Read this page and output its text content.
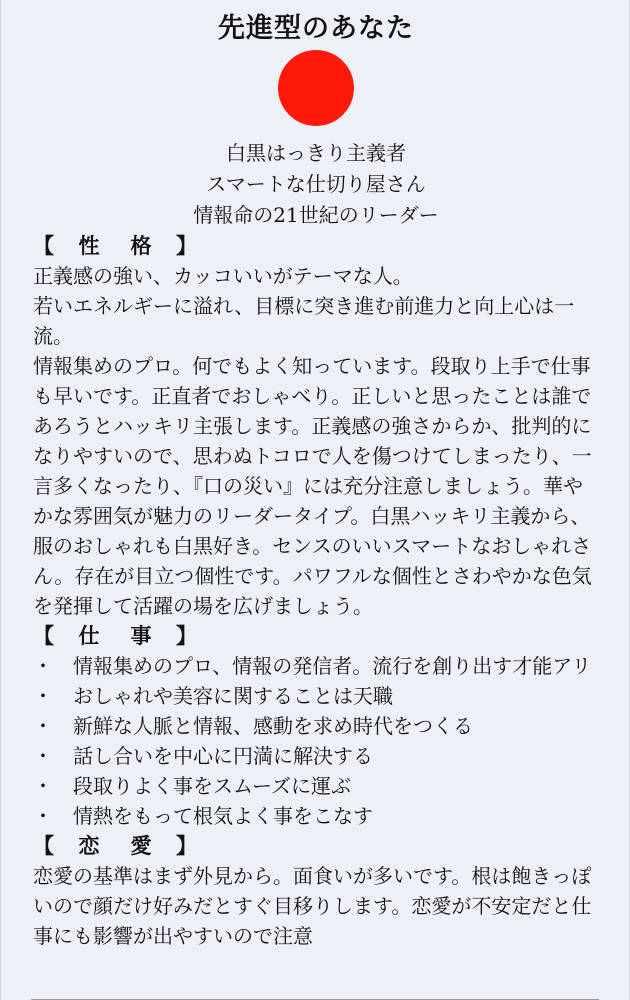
先進型のあなた
白黒はっきり主義者
スマートな仕切り屋さん
情報命の21世紀のリーダー
【 性 格 】

正義感の強い、カッコいいがテーマな人。

若いエネルギーに溢れ、目標に突き進む前進力と向上心は一流。

情報集めのプロ。何でもよく知っています。段取り上手で仕事も早いです。正直者でおしゃべり。正しいと思ったことは誰であろうとハッキリ主張します。正義感の強さからか、批判的になりやすいので、思わぬトコロで人を傷つけてしまったり、一言多くなったり、『口の災い』には充分注意しましょう。華やかな雰囲気が魅力のリーダータイプ。白黒ハッキリ主義から、服のおしゃれも白黒好き。センスのいいスマートなおしゃれさん。存在が目立つ個性です。パワフルな個性とさわやかな色気を発揮して活躍の場を広げましょう。

【 仕 事 】
・ 情報集めのプロ、情報の発信者。流行を創り出す才能アリ
・ おしゃれや美容に関することは天職
・ 新鮮な人脈と情報、感動を求め時代をつくる
・ 話し合いを中心に円満に解決する
・ 段取りよく事をスムーズに運ぶ
・ 情熱をもって根気よく事をこなす
【 恋 愛 】

恋愛の基準はまず外見から。面食いが多いです。根は飽きっぽいので顔だけ好みだとすぐ目移りします。恋愛が不安定だと仕事にも影響が出やすいので注意
